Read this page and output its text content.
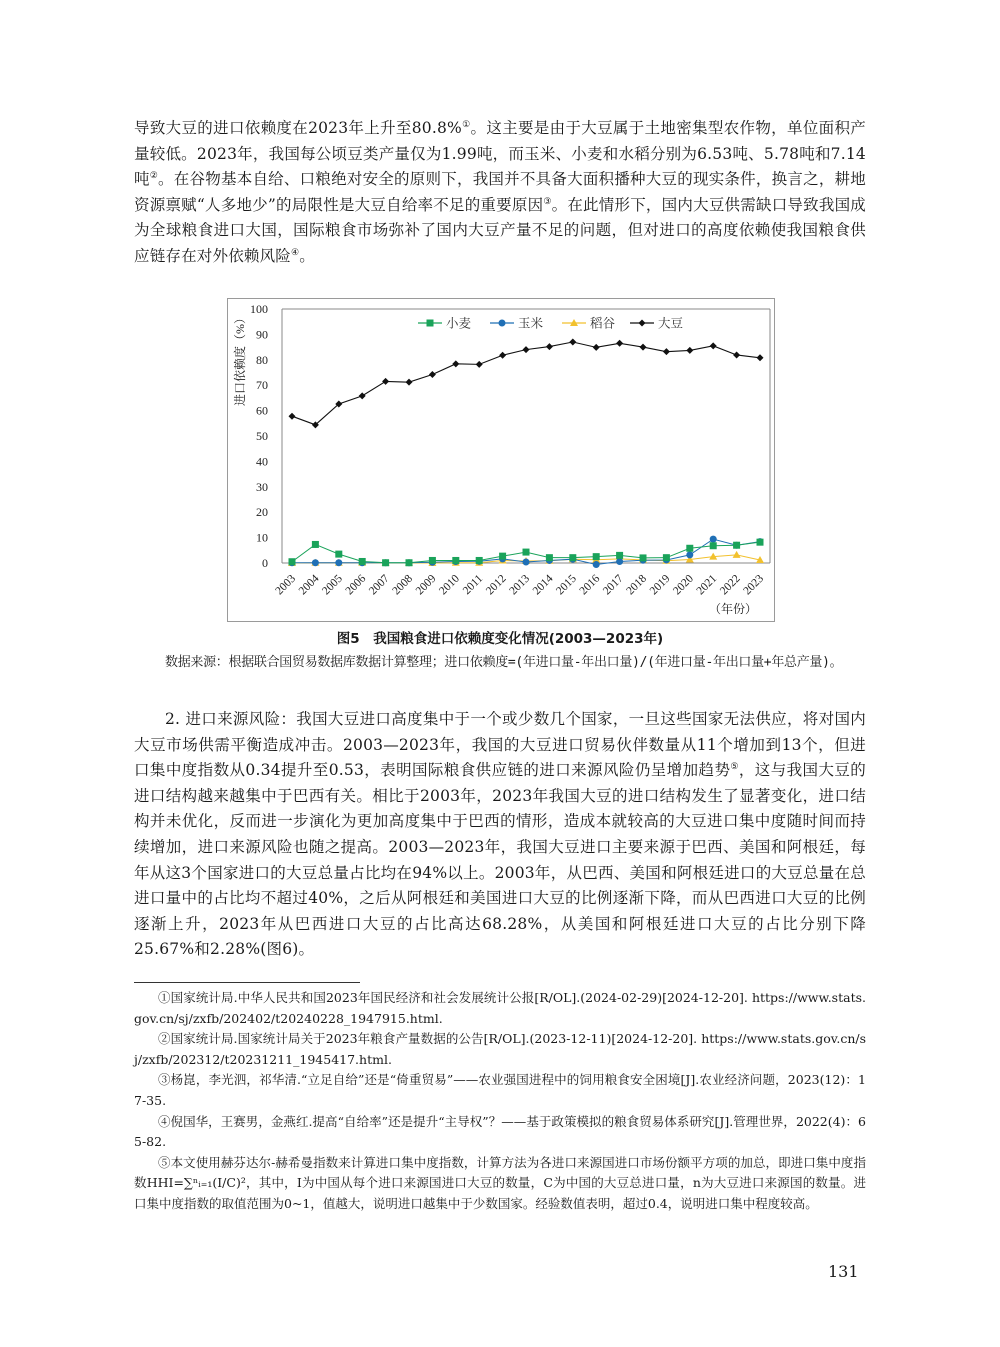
导致大豆的进口依赖度在2023年上升至80.8%①。这主要是由于大豆属于土地密集型农作物，单位面积产量较低。2023年，我国每公顷豆类产量仅为1.99吨，而玉米、小麦和水稻分别为6.53吨、5.78吨和7.14吨②。在谷物基本自给、口粮绝对安全的原则下，我国并不具备大面积播种大豆的现实条件，换言之，耕地资源禀赋“人多地少”的局限性是大豆自给率不足的重要原因③。在此情形下，国内大豆供需缺口导致我国成为全球粮食进口大国，国际粮食市场弥补了国内大豆产量不足的问题，但对进口的高度依赖使我国粮食供应链存在对外依赖风险④。
0
10
20
30
40
50
60
70
80
90
100
2003
2004
2005
2006
2007
2008
2009
2010
2011
2012
2013
2014
2015
2016
2017
2018
2019
2020
2021
2022
2023
小麦	玉米	稻谷	大豆
进口依赖度（%）
（年份）
图5　我国粮食进口依赖度变化情况(2003—2023年)
数据来源：根据联合国贸易数据库数据计算整理；进口依赖度=(年进口量-年出口量)/(年进口量-年出口量+年总产量)。
2. 进口来源风险：我国大豆进口高度集中于一个或少数几个国家，一旦这些国家无法供应，将对国内大豆市场供需平衡造成冲击。2003—2023年，我国的大豆进口贸易伙伴数量从11个增加到13个，但进口集中度指数从0.34提升至0.53，表明国际粮食供应链的进口来源风险仍呈增加趋势⑤，这与我国大豆的进口结构越来越集中于巴西有关。相比于2003年，2023年我国大豆的进口结构发生了显著变化，进口结构并未优化，反而进一步演化为更加高度集中于巴西的情形，造成本就较高的大豆进口集中度随时间而持续增加，进口来源风险也随之提高。2003—2023年，我国大豆进口主要来源于巴西、美国和阿根廷，每年从这3个国家进口的大豆总量占比均在94%以上。2003年，从巴西、美国和阿根廷进口的大豆总量在总进口量中的占比均不超过40%，之后从阿根廷和美国进口大豆的比例逐渐下降，而从巴西进口大豆的比例逐渐上升，2023年从巴西进口大豆的占比高达68.28%，从美国和阿根廷进口大豆的占比分别下降25.67%和2.28%(图6)。

①国家统计局.中华人民共和国2023年国民经济和社会发展统计公报[R/OL].(2024-02-29)[2024-12-20]. https://www.stats.gov.cn/sj/zxfb/202402/t20240228_1947915.html.

②国家统计局.国家统计局关于2023年粮食产量数据的公告[R/OL].(2023-12-11)[2024-12-20]. https://www.stats.gov.cn/sj/zxfb/202312/t20231211_1945417.html.

③杨崑，李光泗，祁华清.“立足自给”还是“倚重贸易”——农业强国进程中的饲用粮食安全困境[J].农业经济问题，2023(12)：17-35.

④倪国华，王赛男，金燕红.提高“自给率”还是提升“主导权”？——基于政策模拟的粮食贸易体系研究[J].管理世界，2022(4)：65-82.

⑤本文使用赫芬达尔-赫希曼指数来计算进口集中度指数，计算方法为各进口来源国进口市场份额平方项的加总，即进口集中度指数HHI=∑ⁿᵢ₌₁(I/C)²，其中，I为中国从每个进口来源国进口大豆的数量，C为中国的大豆总进口量，n为大豆进口来源国的数量。进口集中度指数的取值范围为0~1，值越大，说明进口越集中于少数国家。经验数值表明，超过0.4，说明进口集中程度较高。

131
